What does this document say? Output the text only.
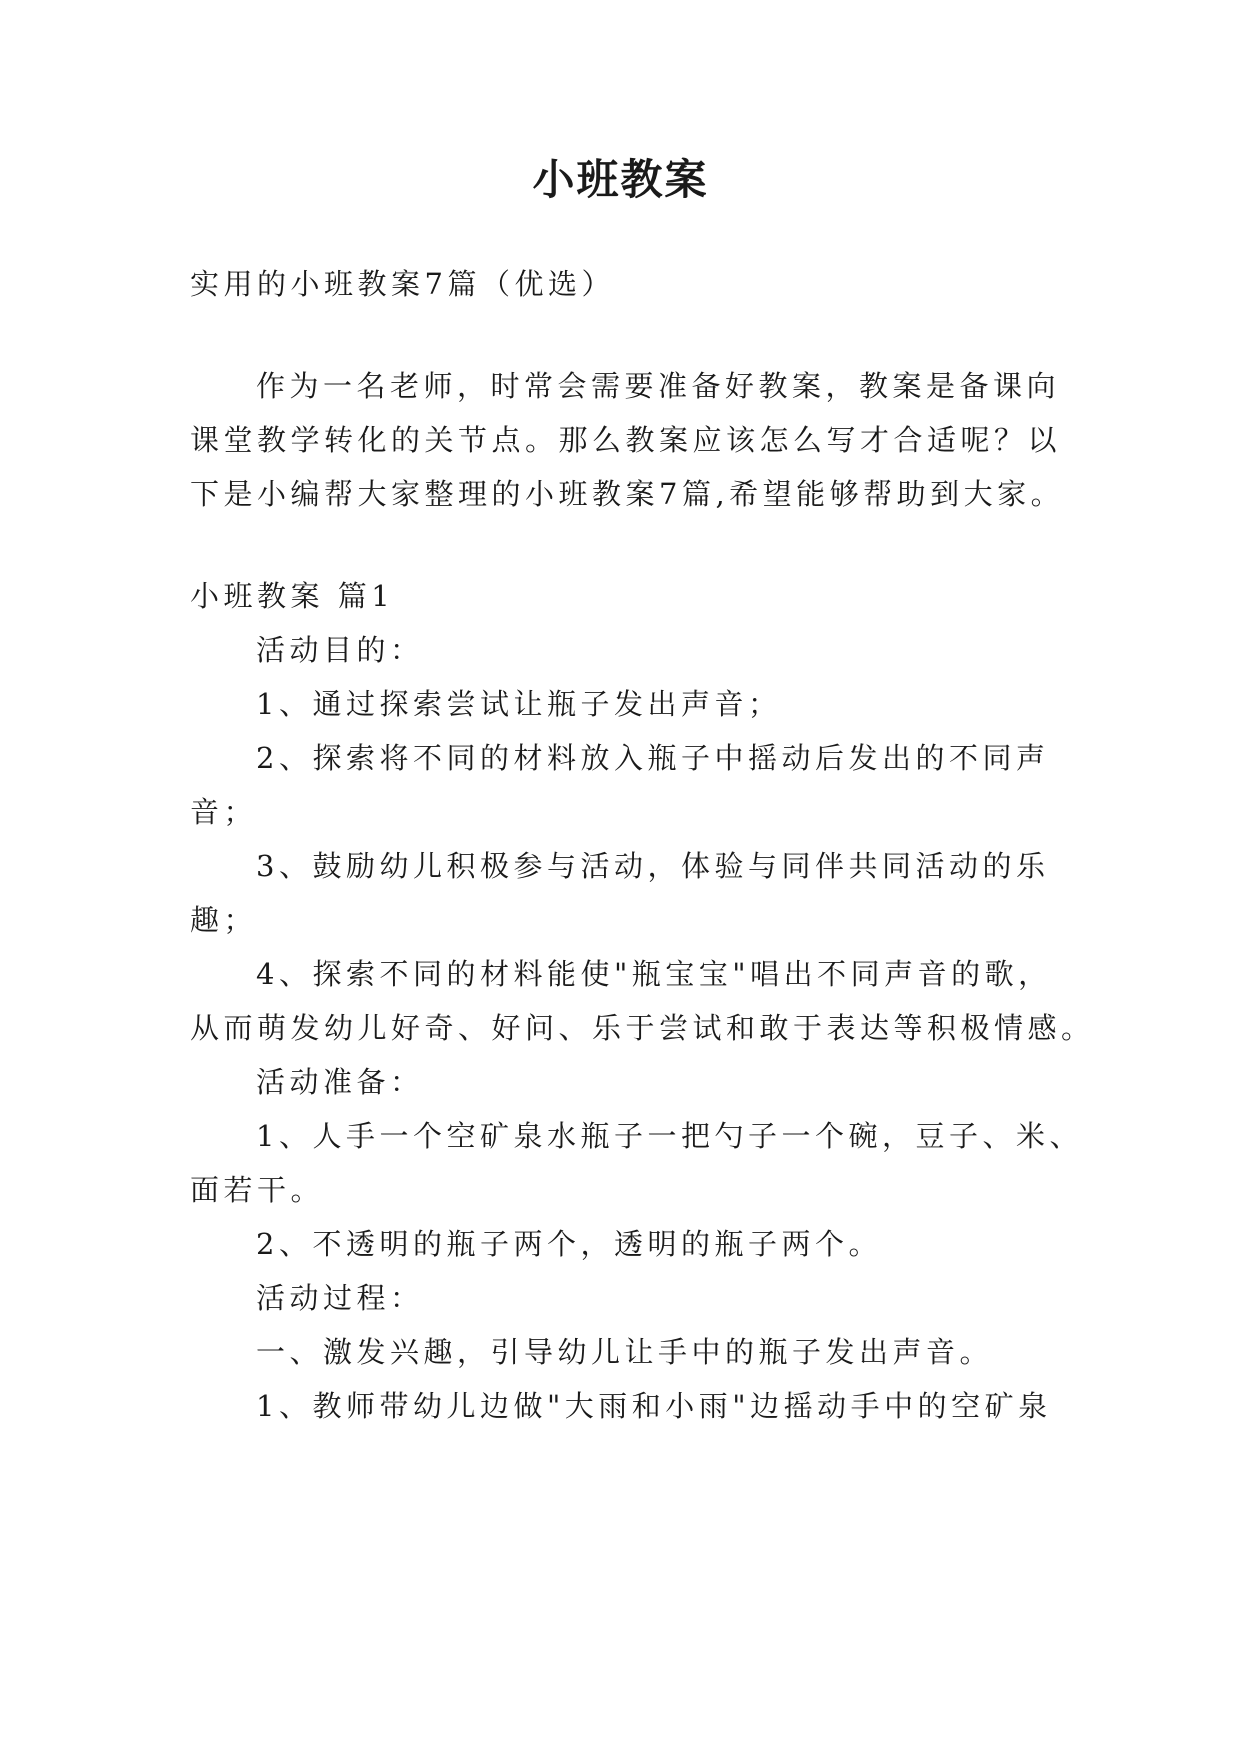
小班教案
实用的小班教案7篇（优选）
作为一名老师，时常会需要准备好教案，教案是备课向
课堂教学转化的关节点。那么教案应该怎么写才合适呢？以
下是小编帮大家整理的小班教案7篇,希望能够帮助到大家。
小班教案 篇1
活动目的：
1、通过探索尝试让瓶子发出声音；
2、探索将不同的材料放入瓶子中摇动后发出的不同声
音；
3、鼓励幼儿积极参与活动，体验与同伴共同活动的乐
趣；
4、探索不同的材料能使"瓶宝宝"唱出不同声音的歌，
从而萌发幼儿好奇、好问、乐于尝试和敢于表达等积极情感。
活动准备：
1、人手一个空矿泉水瓶子一把勺子一个碗，豆子、米、
面若干。
2、不透明的瓶子两个，透明的瓶子两个。
活动过程：
一、激发兴趣，引导幼儿让手中的瓶子发出声音。
1、教师带幼儿边做"大雨和小雨"边摇动手中的空矿泉
